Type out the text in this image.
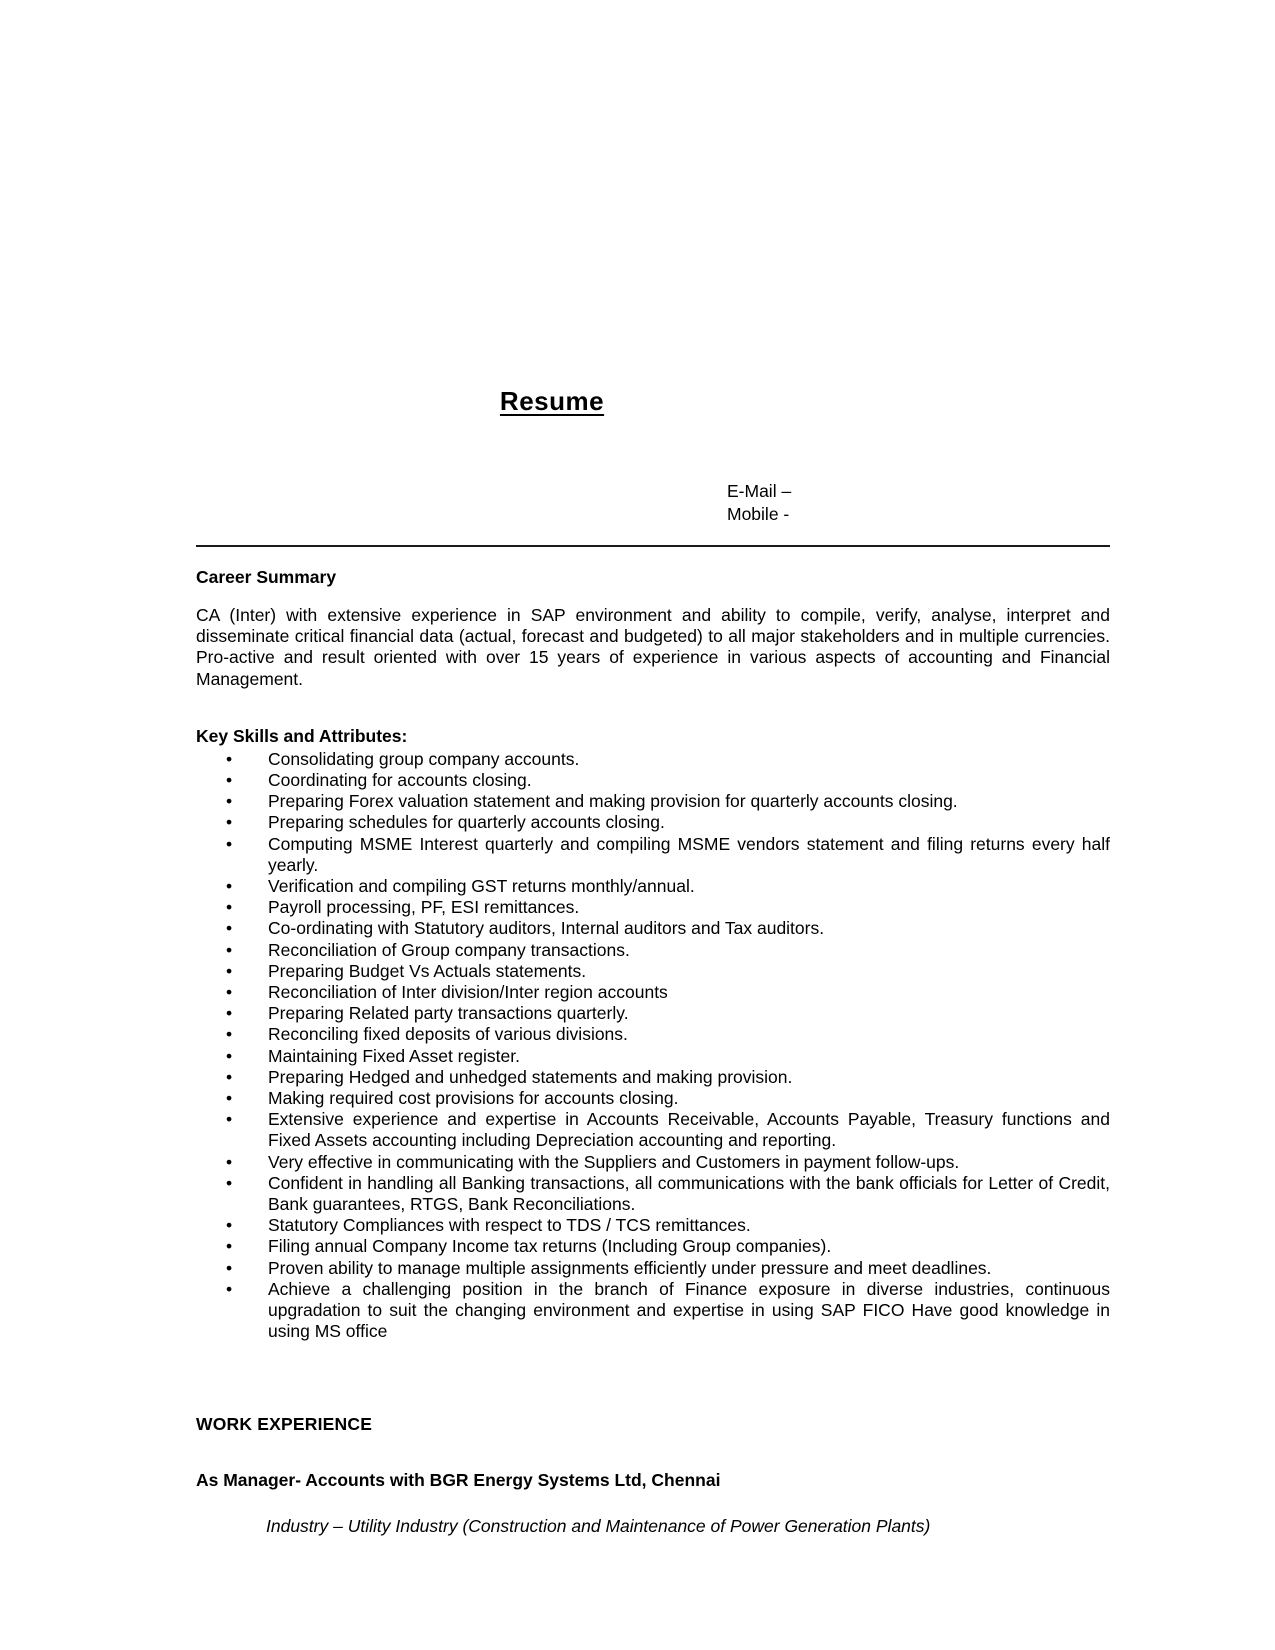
Resume
E-Mail –
Mobile -
Career Summary
CA (Inter) with extensive experience in SAP environment and ability to compile, verify, analyse, interpret and disseminate critical financial data (actual, forecast and budgeted) to all major stakeholders and in multiple currencies. Pro-active and result oriented with over 15 years of experience in various aspects of accounting and Financial Management.
Key Skills and Attributes:
• Consolidating group company accounts.
• Coordinating for accounts closing.
• Preparing Forex valuation statement and making provision for quarterly accounts closing.
• Preparing schedules for quarterly accounts closing.
• Computing MSME Interest quarterly and compiling MSME vendors statement and filing returns every half yearly.
• Verification and compiling GST returns monthly/annual.
• Payroll processing, PF, ESI remittances.
• Co-ordinating with Statutory auditors, Internal auditors and Tax auditors.
• Reconciliation of Group company transactions.
• Preparing Budget Vs Actuals statements.
• Reconciliation of Inter division/Inter region accounts
• Preparing Related party transactions quarterly.
• Reconciling fixed deposits of various divisions.
• Maintaining Fixed Asset register.
• Preparing Hedged and unhedged statements and making provision.
• Making required cost provisions for accounts closing.
• Extensive experience and expertise in Accounts Receivable, Accounts Payable, Treasury functions and Fixed Assets accounting including Depreciation accounting and reporting.
• Very effective in communicating with the Suppliers and Customers in payment follow-ups.
• Confident in handling all Banking transactions, all communications with the bank officials for Letter of Credit, Bank guarantees, RTGS, Bank Reconciliations.
• Statutory Compliances with respect to TDS / TCS remittances.
• Filing annual Company Income tax returns (Including Group companies).
• Proven ability to manage multiple assignments efficiently under pressure and meet deadlines.
• Achieve a challenging position in the branch of Finance exposure in diverse industries, continuous upgradation to suit the changing environment and expertise in using SAP FICO Have good knowledge in using MS office
WORK EXPERIENCE
As Manager- Accounts with BGR Energy Systems Ltd, Chennai
Industry – Utility Industry (Construction and Maintenance of Power Generation Plants)
